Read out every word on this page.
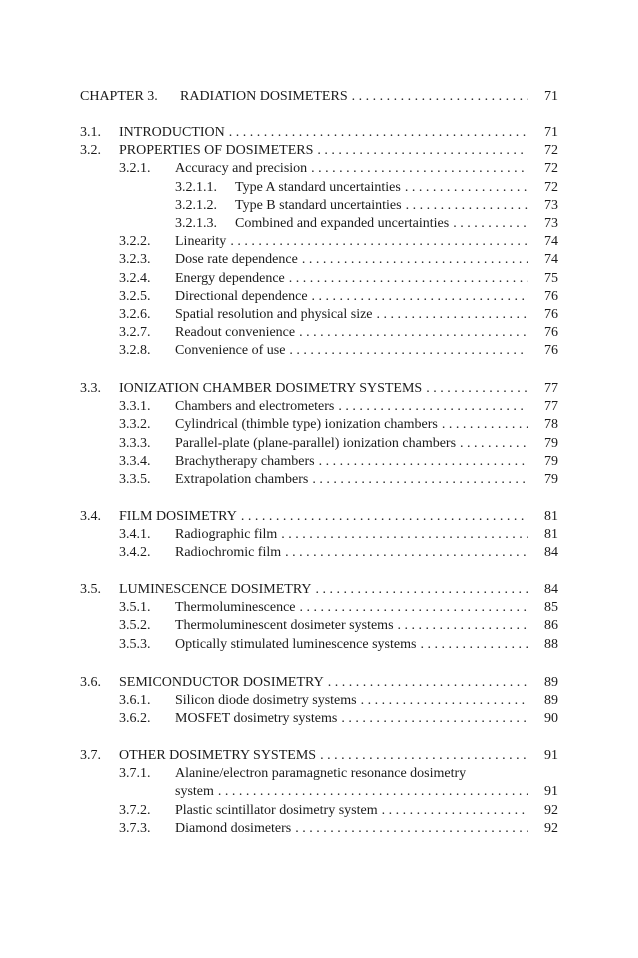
CHAPTER 3.	RADIATION DOSIMETERS . . .	71
3.1.	INTRODUCTION . . .	71
3.2.	PROPERTIES OF DOSIMETERS . . .	72
3.2.1.	Accuracy and precision . . .	72
3.2.1.1.	Type A standard uncertainties . . .	72
3.2.1.2.	Type B standard uncertainties . . .	73
3.2.1.3.	Combined and expanded uncertainties . . .	73
3.2.2.	Linearity . . .	74
3.2.3.	Dose rate dependence . . .	74
3.2.4.	Energy dependence . . .	75
3.2.5.	Directional dependence . . .	76
3.2.6.	Spatial resolution and physical size . . .	76
3.2.7.	Readout convenience . . .	76
3.2.8.	Convenience of use . . .	76
3.3.	IONIZATION CHAMBER DOSIMETRY SYSTEMS . . .	77
3.3.1.	Chambers and electrometers . . .	77
3.3.2.	Cylindrical (thimble type) ionization chambers . . .	78
3.3.3.	Parallel-plate (plane-parallel) ionization chambers . . .	79
3.3.4.	Brachytherapy chambers . . .	79
3.3.5.	Extrapolation chambers . . .	79
3.4.	FILM DOSIMETRY . . .	81
3.4.1.	Radiographic film . . .	81
3.4.2.	Radiochromic film . . .	84
3.5.	LUMINESCENCE DOSIMETRY . . .	84
3.5.1.	Thermoluminescence . . .	85
3.5.2.	Thermoluminescent dosimeter systems . . .	86
3.5.3.	Optically stimulated luminescence systems . . .	88
3.6.	SEMICONDUCTOR DOSIMETRY . . .	89
3.6.1.	Silicon diode dosimetry systems . . .	89
3.6.2.	MOSFET dosimetry systems . . .	90
3.7.	OTHER DOSIMETRY SYSTEMS . . .	91
3.7.1.	Alanine/electron paramagnetic resonance dosimetry
system . . .	91
3.7.2.	Plastic scintillator dosimetry system . . .	92
3.7.3.	Diamond dosimeters . . .	92
